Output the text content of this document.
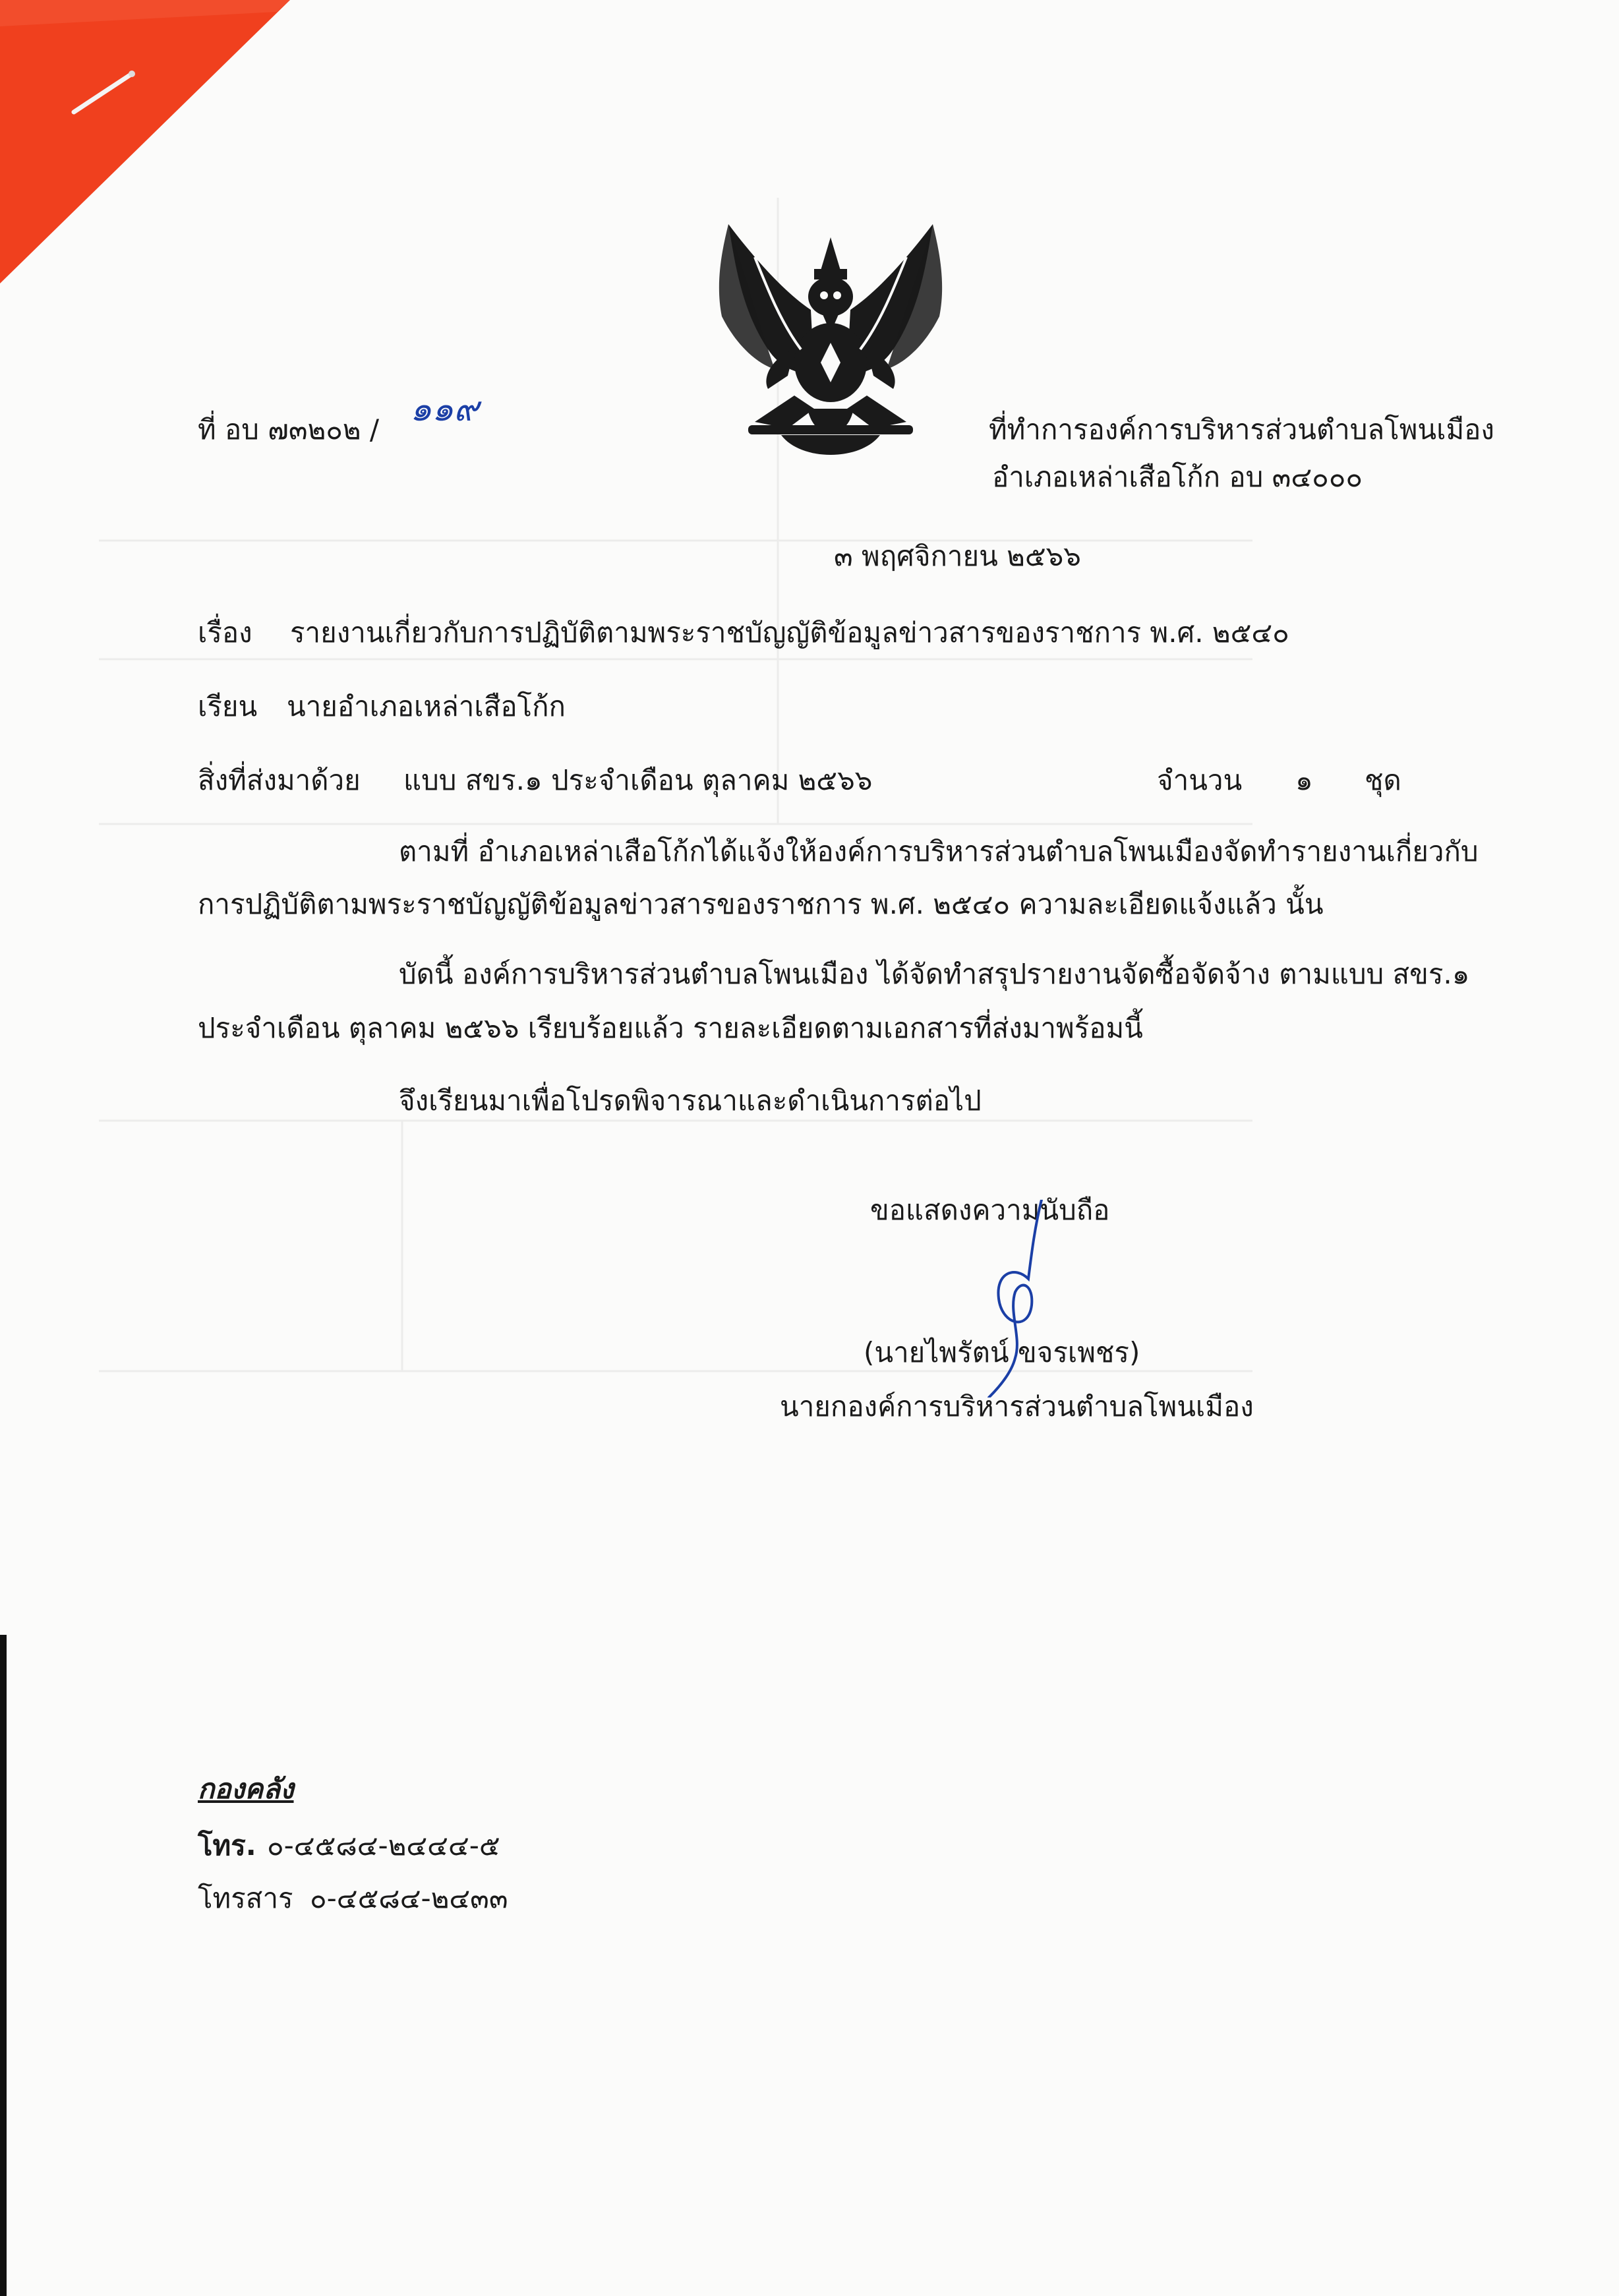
ที่ อบ ๗๓๒๐๒ /
๑๑๙
ที่ทำการองค์การบริหารส่วนตำบลโพนเมือง
อำเภอเหล่าเสือโก้ก อบ ๓๔๐๐๐
๓ พฤศจิกายน ๒๕๖๖
เรื่อง รายงานเกี่ยวกับการปฏิบัติตามพระราชบัญญัติข้อมูลข่าวสารของราชการ พ.ศ. ๒๕๔๐
เรียน นายอำเภอเหล่าเสือโก้ก
สิ่งที่ส่งมาด้วย แบบ สขร.๑ ประจำเดือน ตุลาคม ๒๕๖๖	จำนวน ๑ ชุด
ตามที่ อำเภอเหล่าเสือโก้กได้แจ้งให้องค์การบริหารส่วนตำบลโพนเมืองจัดทำรายงานเกี่ยวกับ
การปฏิบัติตามพระราชบัญญัติข้อมูลข่าวสารของราชการ พ.ศ. ๒๕๔๐ ความละเอียดแจ้งแล้ว นั้น
บัดนี้ องค์การบริหารส่วนตำบลโพนเมือง ได้จัดทำสรุปรายงานจัดซื้อจัดจ้าง ตามแบบ สขร.๑
ประจำเดือน ตุลาคม ๒๕๖๖ เรียบร้อยแล้ว รายละเอียดตามเอกสารที่ส่งมาพร้อมนี้
จึงเรียนมาเพื่อโปรดพิจารณาและดำเนินการต่อไป
ขอแสดงความนับถือ
(นายไพรัตน์ ขจรเพชร)
นายกองค์การบริหารส่วนตำบลโพนเมือง
กองคลัง
โทร. ๐-๔๕๘๔-๒๔๔๔-๕
โทรสาร ๐-๔๕๘๔-๒๔๓๓
